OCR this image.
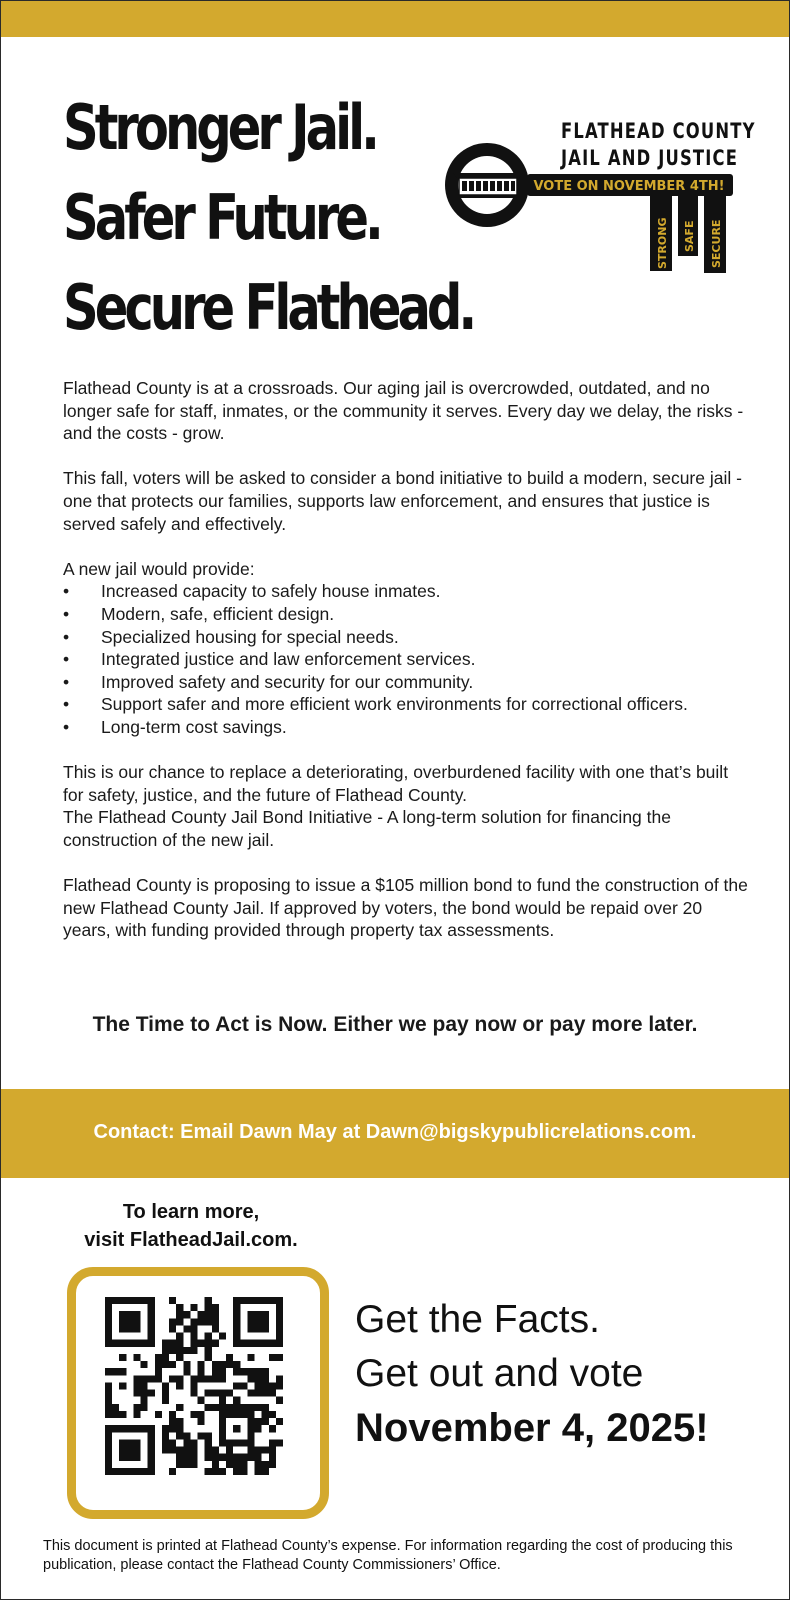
Stronger Jail.
Safer Future.
Secure Flathead.
FLATHEAD COUNTY
JAIL AND JUSTICE
VOTE ON NOVEMBER 4TH!
STRONG SAFE SECURE

Flathead County is at a crossroads. Our aging jail is overcrowded, outdated, and no longer safe for staff, inmates, or the community it serves. Every day we delay, the risks - and the costs - grow.

This fall, voters will be asked to consider a bond initiative to build a modern, secure jail - one that protects our families, supports law enforcement, and ensures that justice is served safely and effectively.

A new jail would provide:

• Increased capacity to safely house inmates.
• Modern, safe, efficient design.
• Specialized housing for special needs.
• Integrated justice and law enforcement services.
• Improved safety and security for our community.
• Support safer and more efficient work environments for correctional officers.
• Long-term cost savings.

This is our chance to replace a deteriorating, overburdened facility with one that’s built for safety, justice, and the future of Flathead County.

The Flathead County Jail Bond Initiative - A long-term solution for financing the construction of the new jail.

Flathead County is proposing to issue a $105 million bond to fund the construction of the new Flathead County Jail. If approved by voters, the bond would be repaid over 20 years, with funding provided through property tax assessments.

The Time to Act is Now. Either we pay now or pay more later.
Contact: Email Dawn May at Dawn@bigskypublicrelations.com.
To learn more,
visit FlatheadJail.com.
Get the Facts.
Get out and vote
November 4, 2025!
This document is printed at Flathead County’s expense. For information regarding the cost of producing this publication, please contact the Flathead County Commissioners’ Office.
